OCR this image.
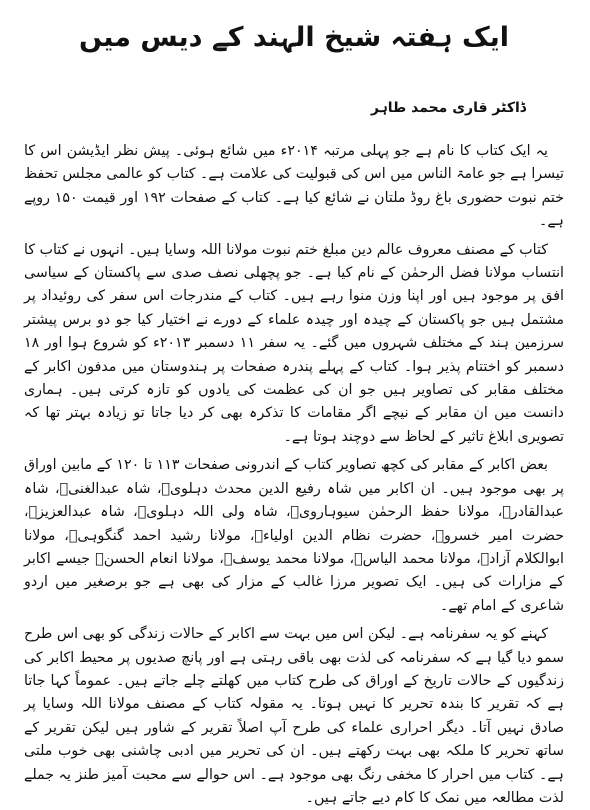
ایک ہفتہ شیخ الہند کے دیس میں
ڈاکٹر قاری محمد طاہر

یہ ایک کتاب کا نام ہے جو پہلی مرتبہ ۲۰۱۴ء میں شائع ہوئی۔ پیش نظر ایڈیشن اس کا تیسرا ہے جو عامۃ الناس میں اس کی قبولیت کی علامت ہے۔ کتاب کو عالمی مجلس تحفظ ختم نبوت حضوری باغ روڈ ملتان نے شائع کیا ہے۔ کتاب کے صفحات ۱۹۲ اور قیمت ۱۵۰ روپے ہے۔

کتاب کے مصنف معروف عالم دین مبلغ ختم نبوت مولانا اللہ وسایا ہیں۔ انہوں نے کتاب کا انتساب مولانا فضل الرحمٰن کے نام کیا ہے۔ جو پچھلی نصف صدی سے پاکستان کے سیاسی افق پر موجود ہیں اور اپنا وزن منوا رہے ہیں۔ کتاب کے مندرجات اس سفر کی روئیداد پر مشتمل ہیں جو پاکستان کے چیدہ اور چیدہ علماء کے دورے نے اختیار کیا جو دو برس پیشتر سرزمین ہند کے مختلف شہروں میں گئے۔ یہ سفر ۱۱ دسمبر ۲۰۱۳ء کو شروع ہوا اور ۱۸ دسمبر کو اختتام پذیر ہوا۔ کتاب کے پہلے پندرہ صفحات پر ہندوستان میں مدفون اکابر کے مختلف مقابر کی تصاویر ہیں جو ان کی عظمت کی یادوں کو تازہ کرتی ہیں۔ ہماری دانست میں ان مقابر کے نیچے اگر مقامات کا تذکرہ بھی کر دیا جاتا تو زیادہ بہتر تھا کہ تصویری ابلاغ تاثیر کے لحاظ سے دوچند ہوتا ہے۔

بعض اکابر کے مقابر کی کچھ تصاویر کتاب کے اندرونی صفحات ۱۱۳ تا ۱۲۰ کے مابین اوراق پر بھی موجود ہیں۔ ان اکابر میں شاہ رفیع الدین محدث دہلویؒ، شاہ عبدالغنیؒ، شاہ عبدالقادرؒ، مولانا حفظ الرحمٰن سیوہارویؒ، شاہ ولی اللہ دہلویؒ، شاہ عبدالعزیزؒ، حضرت امیر خسروؒ، حضرت نظام الدین اولیاءؒ، مولانا رشید احمد گنگوہیؒ، مولانا ابوالکلام آزادؒ، مولانا محمد الیاسؒ، مولانا محمد یوسفؒ، مولانا انعام الحسنؒ جیسے اکابر کے مزارات کی ہیں۔ ایک تصویر مرزا غالب کے مزار کی بھی ہے جو برصغیر میں اردو شاعری کے امام تھے۔

کہنے کو یہ سفرنامہ ہے۔ لیکن اس میں بہت سے اکابر کے حالات زندگی کو بھی اس طرح سمو دیا گیا ہے کہ سفرنامہ کی لذت بھی باقی رہتی ہے اور پانچ صدیوں پر محیط اکابر کی زندگیوں کے حالات تاریخ کے اوراق کی طرح کتاب میں کھلتے چلے جاتے ہیں۔ عموماً کہا جاتا ہے کہ تقریر کا بندہ تحریر کا نہیں ہوتا۔ یہ مقولہ کتاب کے مصنف مولانا اللہ وسایا پر صادق نہیں آتا۔ دیگر احراری علماء کی طرح آپ اصلاً تقریر کے شاور ہیں لیکن تقریر کے ساتھ تحریر کا ملکہ بھی بہت رکھتے ہیں۔ ان کی تحریر میں ادبی چاشنی بھی خوب ملتی ہے۔ کتاب میں احرار کا مخفی رنگ بھی موجود ہے۔ اس حوالے سے محبت آمیز طنز یہ جملے لذت مطالعہ میں نمک کا کام دیے جاتے ہیں۔
